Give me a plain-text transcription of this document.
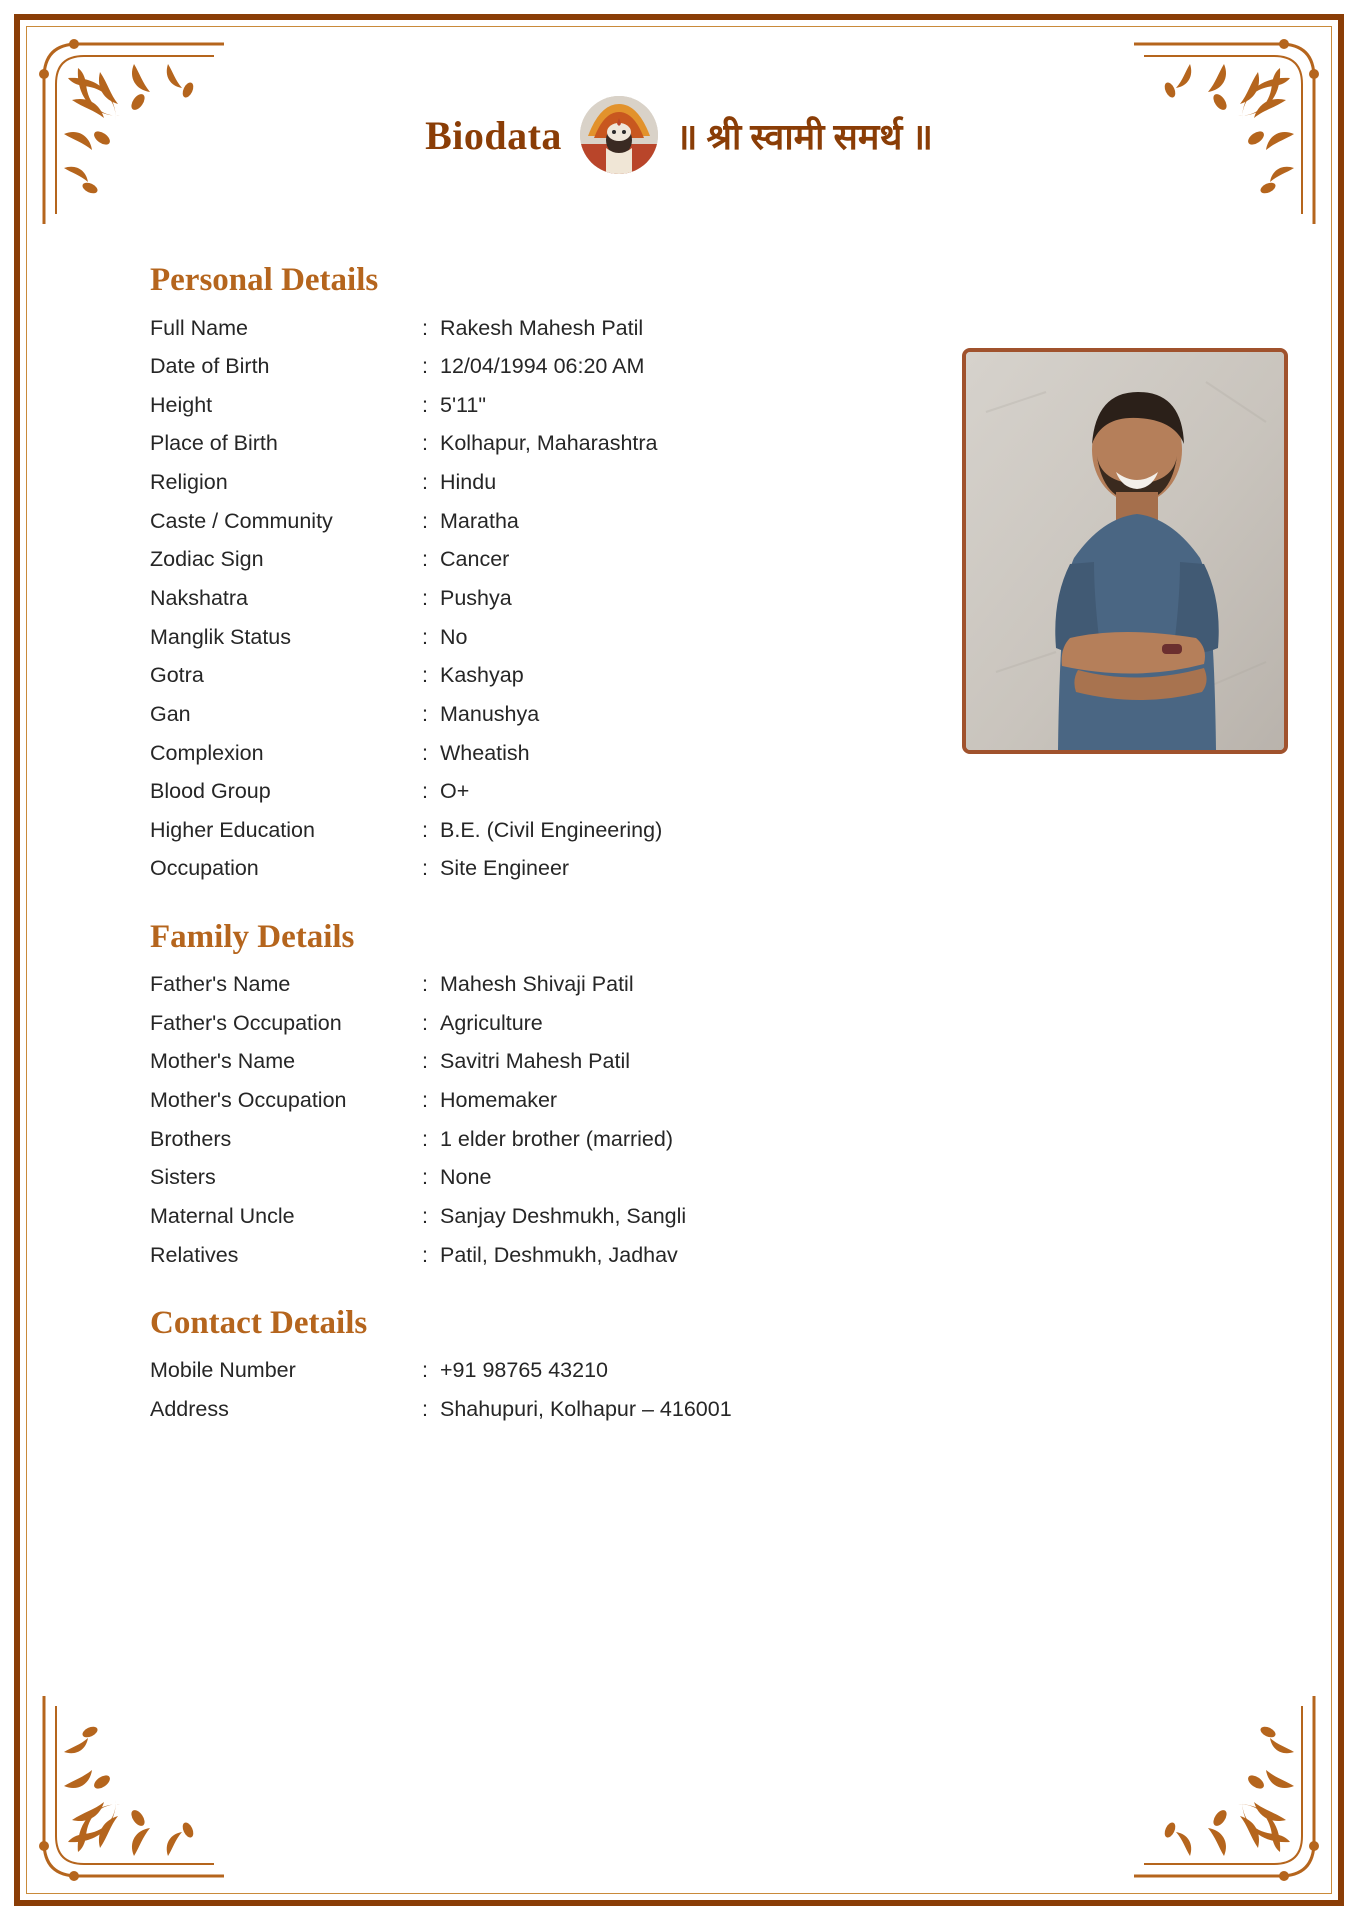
Biodata	॥ श्री स्वामी समर्थ ॥
Personal Details
Full Name	:	Rakesh Mahesh Patil
Date of Birth	:	12/04/1994 06:20 AM
Height	:	5'11"
Place of Birth	:	Kolhapur, Maharashtra
Religion	:	Hindu
Caste / Community	:	Maratha
Zodiac Sign	:	Cancer
Nakshatra	:	Pushya
Manglik Status	:	No
Gotra	:	Kashyap
Gan	:	Manushya
Complexion	:	Wheatish
Blood Group	:	O+
Higher Education	:	B.E. (Civil Engineering)
Occupation	:	Site Engineer
Family Details
Father's Name	:	Mahesh Shivaji Patil
Father's Occupation	:	Agriculture
Mother's Name	:	Savitri Mahesh Patil
Mother's Occupation	:	Homemaker
Brothers	:	1 elder brother (married)
Sisters	:	None
Maternal Uncle	:	Sanjay Deshmukh, Sangli
Relatives	:	Patil, Deshmukh, Jadhav
Contact Details
Mobile Number	:	+91 98765 43210
Address	:	Shahupuri, Kolhapur – 416001
